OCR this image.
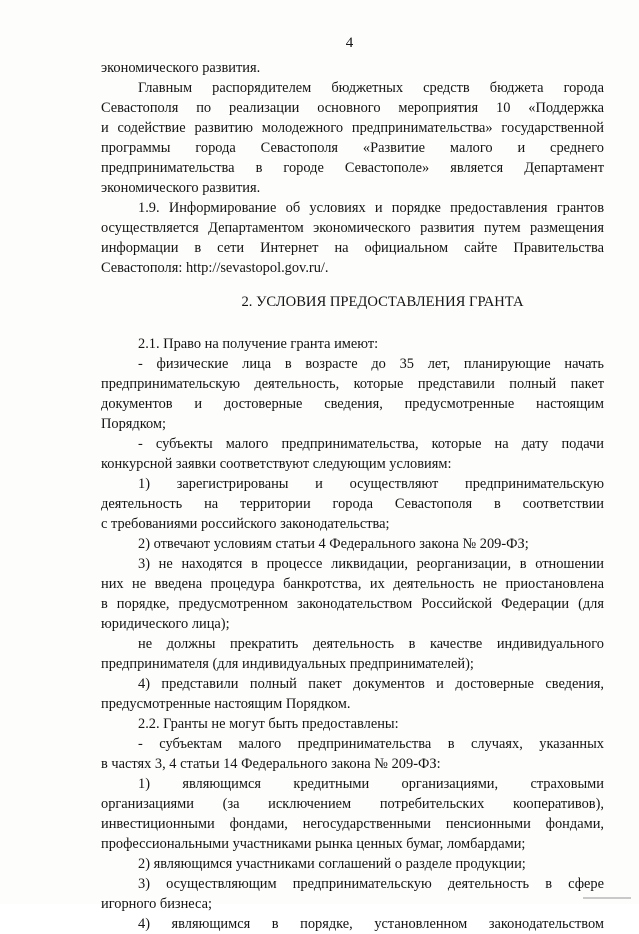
4

экономического развития.

Главным распорядителем бюджетных средств бюджета города

Севастополя по реализации основного мероприятия 10 «Поддержка

и содействие развитию молодежного предпринимательства» государственной

программы города Севастополя «Развитие малого и среднего

предпринимательства в городе Севастополе» является Департамент

экономического развития.

1.9. Информирование об условиях и порядке предоставления грантов

осуществляется Департаментом экономического развития путем размещения

информации в сети Интернет на официальном сайте Правительства

Севастополя: http://sevastopol.gov.ru/.

2. УСЛОВИЯ ПРЕДОСТАВЛЕНИЯ ГРАНТА

2.1. Право на получение гранта имеют:

- физические лица в возрасте до 35 лет, планирующие начать

предпринимательскую деятельность, которые представили полный пакет

документов и достоверные сведения, предусмотренные настоящим

Порядком;

- субъекты малого предпринимательства, которые на дату подачи

конкурсной заявки соответствуют следующим условиям:

1) зарегистрированы и осуществляют предпринимательскую

деятельность на территории города Севастополя в соответствии

с требованиями российского законодательства;

2) отвечают условиям статьи 4 Федерального закона № 209-ФЗ;

3) не находятся в процессе ликвидации, реорганизации, в отношении

них не введена процедура банкротства, их деятельность не приостановлена

в порядке, предусмотренном законодательством Российской Федерации (для

юридического лица);

не должны прекратить деятельность в качестве индивидуального

предпринимателя (для индивидуальных предпринимателей);

4) представили полный пакет документов и достоверные сведения,

предусмотренные настоящим Порядком.

2.2. Гранты не могут быть предоставлены:

- субъектам малого предпринимательства в случаях, указанных

в частях 3, 4 статьи 14 Федерального закона № 209-ФЗ:

1) являющимся кредитными организациями, страховыми

организациями (за исключением потребительских кооперативов),

инвестиционными фондами, негосударственными пенсионными фондами,

профессиональными участниками рынка ценных бумаг, ломбардами;

2) являющимся участниками соглашений о разделе продукции;

3) осуществляющим предпринимательскую деятельность в сфере

игорного бизнеса;

4) являющимся в порядке, установленном законодательством
